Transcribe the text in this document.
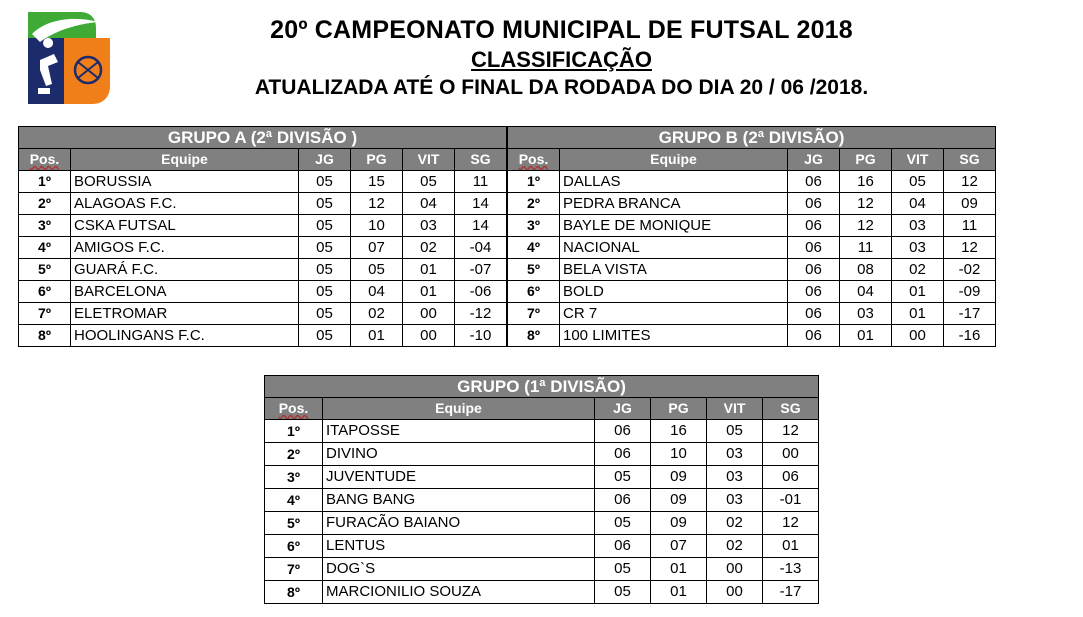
20º CAMPEONATO MUNICIPAL DE FUTSAL 2018
CLASSIFICAÇÃO
ATUALIZADA ATÉ O FINAL DA RODADA DO DIA 20 / 06 /2018.
GRUPO A (2ª DIVISÃO )					
Pos.	Equipe	JG	PG	VIT	SG
1º	BORUSSIA	05	15	05	11
2º	ALAGOAS F.C.	05	12	04	14
3º	CSKA FUTSAL	05	10	03	14
4º	AMIGOS F.C.	05	07	02	-04
5º	GUARÁ F.C.	05	05	01	-07
6º	BARCELONA	05	04	01	-06
7º	ELETROMAR	05	02	00	-12
8º	HOOLINGANS F.C.	05	01	00	-10
GRUPO B (2ª DIVISÃO)					
Pos.	Equipe	JG	PG	VIT	SG
1º	DALLAS	06	16	05	12
2º	PEDRA BRANCA	06	12	04	09
3º	BAYLE DE MONIQUE	06	12	03	11
4º	NACIONAL	06	11	03	12
5º	BELA VISTA	06	08	02	-02
6º	BOLD	06	04	01	-09
7º	CR 7	06	03	01	-17
8º	100 LIMITES	06	01	00	-16
GRUPO (1ª DIVISÃO)					
Pos.	Equipe	JG	PG	VIT	SG
1º	ITAPOSSE	06	16	05	12
2º	DIVINO	06	10	03	00
3º	JUVENTUDE	05	09	03	06
4º	BANG BANG	06	09	03	-01
5º	FURACÃO BAIANO	05	09	02	12
6º	LENTUS	06	07	02	01
7º	DOG`S	05	01	00	-13
8º	MARCIONILIO SOUZA	05	01	00	-17
